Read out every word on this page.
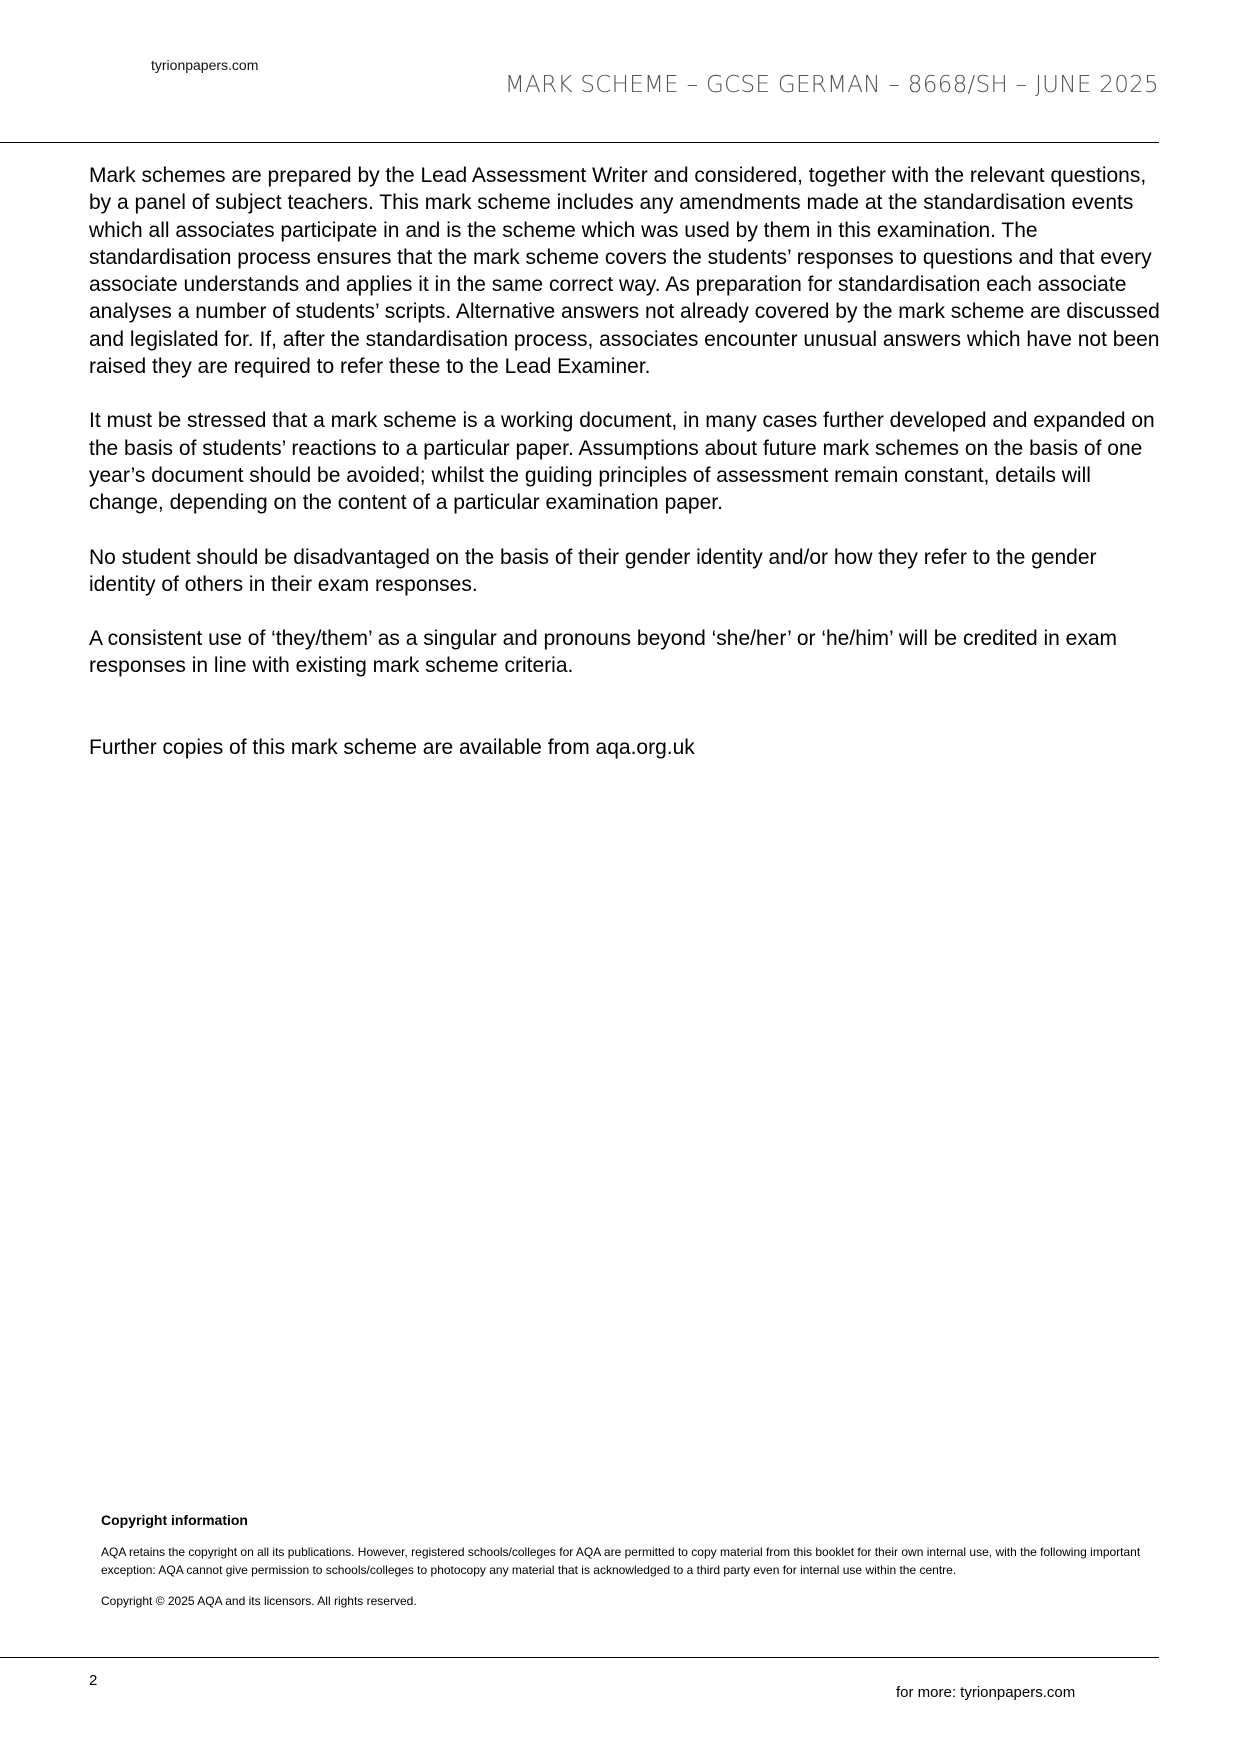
tyrionpapers.com
MARK SCHEME – GCSE GERMAN – 8668/SH – JUNE 2025

Mark schemes are prepared by the Lead Assessment Writer and considered, together with the relevant questions, by a panel of subject teachers. This mark scheme includes any amendments made at the standardisation events which all associates participate in and is the scheme which was used by them in this examination. The standardisation process ensures that the mark scheme covers the students’ responses to questions and that every associate understands and applies it in the same correct way. As preparation for standardisation each associate analyses a number of students’ scripts. Alternative answers not already covered by the mark scheme are discussed and legislated for. If, after the standardisation process, associates encounter unusual answers which have not been raised they are required to refer these to the Lead Examiner.

It must be stressed that a mark scheme is a working document, in many cases further developed and expanded on the basis of students’ reactions to a particular paper. Assumptions about future mark schemes on the basis of one year’s document should be avoided; whilst the guiding principles of assessment remain constant, details will change, depending on the content of a particular examination paper.

No student should be disadvantaged on the basis of their gender identity and/or how they refer to the gender identity of others in their exam responses.

A consistent use of ‘they/them’ as a singular and pronouns beyond ‘she/her’ or ‘he/him’ will be credited in exam responses in line with existing mark scheme criteria.

Further copies of this mark scheme are available from aqa.org.uk

Copyright information

AQA retains the copyright on all its publications. However, registered schools/colleges for AQA are permitted to copy material from this booklet for their own internal use, with the following important exception: AQA cannot give permission to schools/colleges to photocopy any material that is acknowledged to a third party even for internal use within the centre.

Copyright © 2025 AQA and its licensors. All rights reserved.

2
for more: tyrionpapers.com
